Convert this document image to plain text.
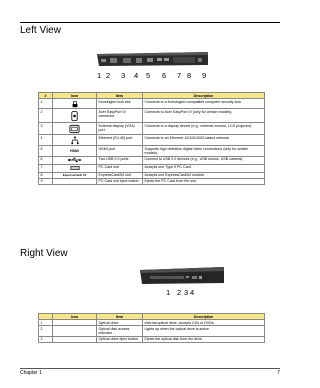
Left View
1 2 3 4 5 6 7 8 9
#	Icon	Item	Description
1		Kensington lock slot	Connects to a Kensington-compatible computer security lock.
2		Acer EasyPort IV connector	Connects to Acer EasyPort IV (only for certain models).
3		External display (VGA) port	Connects to a display device (e.g., external monitor, LCD projector).
4		Ethernet (RJ-45) port	Connects to an Ethernet 10/100/1000-based network.
5	HDMI	HDMI port	Supports high definition digital video connections (only for certain models).
6		Two USB 2.0 ports	Connect to USB 2.0 devices (e.g., USB mouse, USB camera).
7		PC Card slot	Accepts one Type II PC Card.
8	ExpressCard/ 54	ExpressCard/54 slot	Accepts one ExpressCard/54 module.
9		PC Card slot eject button	Ejects the PC Card from the slot.
Right View
1 2 3 4
	Icon	Item	Description
1		Optical drive	Internal optical drive; accepts CDs or DVDs.
2		Optical disk access indicator	Lights up when the optical drive is active.
3		Optical drive eject button	Ejects the optical disk from the drive.
Chapter 1	7
